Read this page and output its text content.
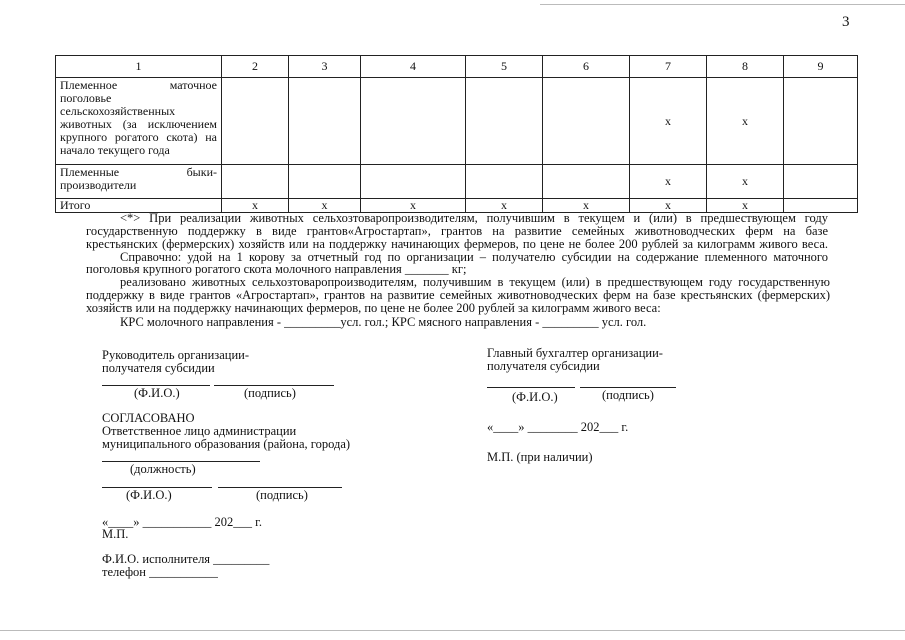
3
1	2	3	4	5	6	7	8	9
Племенное маточное поголовье сельскохозяйственных животных (за исключением крупного рогатого скота) на начало текущего года						х	х	
Племенные быки-производители						х	х	
Итого	х	х	х	х	х	х	х	
<*> При реализации животных сельхозтоваропроизводителям, получившим в текущем и (или) в предшествующем году
государственную поддержку в виде грантов«Агростартап», грантов на развитие семейных животноводческих ферм на базе
крестьянских (фермерских) хозяйств или на поддержку начинающих фермеров, по цене не более 200 рублей за килограмм живого веса.
Справочно: удой на 1 корову за отчетный год по организации – получателю субсидии на содержание племенного маточного
поголовья крупного рогатого скота молочного направления _______ кг;
реализовано животных сельхозтоваропроизводителям, получившим в текущем (или) в предшествующем году государственную
поддержку в виде грантов «Агростартап», грантов на развитие семейных животноводческих ферм на базе крестьянских (фермерских)
хозяйств или на поддержку начинающих фермеров, по цене не более 200 рублей за килограмм живого веса:
КРС молочного направления - _________усл. гол.; КРС мясного направления - _________ усл. гол.
Руководитель организации-
получателя субсидии
(Ф.И.О.)	(подпись)
СОГЛАСОВАНО
Ответственное лицо администрации
муниципального образования (района, города)
(должность)
(Ф.И.О.)	(подпись)
«____» ___________ 202___ г.
М.П.
Ф.И.О. исполнителя _________
телефон ___________
Главный бухгалтер организации-
получателя субсидии
(Ф.И.О.)	(подпись)
«____» ________ 202___ г.
М.П. (при наличии)
